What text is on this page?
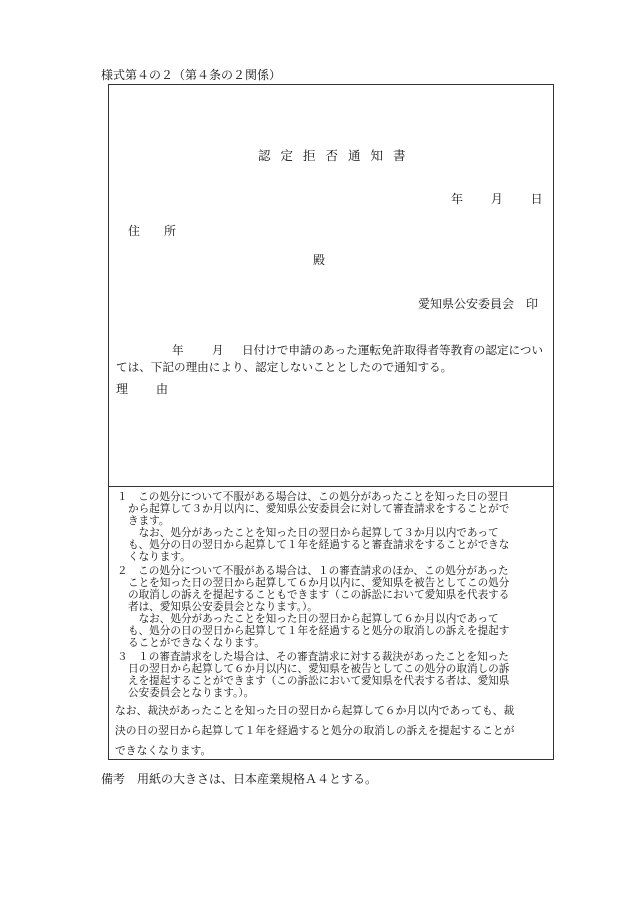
様式第４の２（第４条の２関係）
認定拒否通知書
年 月 日
住　所
殿
愛知県公安委員会　印
年 月 日付けで申請のあった運転免許取得者等教育の認定につい
ては、下記の理由により、認定しないこととしたので通知する。
理　由
１　この処分について不服がある場合は、この処分があったことを知った日の翌日
から起算して３か月以内に、愛知県公安委員会に対して審査請求をすることがで
きます。
　なお、処分があったことを知った日の翌日から起算して３か月以内であって
も、処分の日の翌日から起算して１年を経過すると審査請求をすることができな
くなります。
２　この処分について不服がある場合は、１の審査請求のほか、この処分があった
ことを知った日の翌日から起算して６か月以内に、愛知県を被告としてこの処分
の取消しの訴えを提起することもできます（この訴訟において愛知県を代表する
者は、愛知県公安委員会となります。）。
　なお、処分があったことを知った日の翌日から起算して６か月以内であって
も、処分の日の翌日から起算して１年を経過すると処分の取消しの訴えを提起す
ることができなくなります。
３　１の審査請求をした場合は、その審査請求に対する裁決があったことを知った
日の翌日から起算して６か月以内に、愛知県を被告としてこの処分の取消しの訴
えを提起することができます（この訴訟において愛知県を代表する者は、愛知県
公安委員会となります。）。
なお、裁決があったことを知った日の翌日から起算して６か月以内であっても、裁
決の日の翌日から起算して１年を経過すると処分の取消しの訴えを提起することが
できなくなります。
備考　用紙の大きさは、日本産業規格Ａ４とする。
